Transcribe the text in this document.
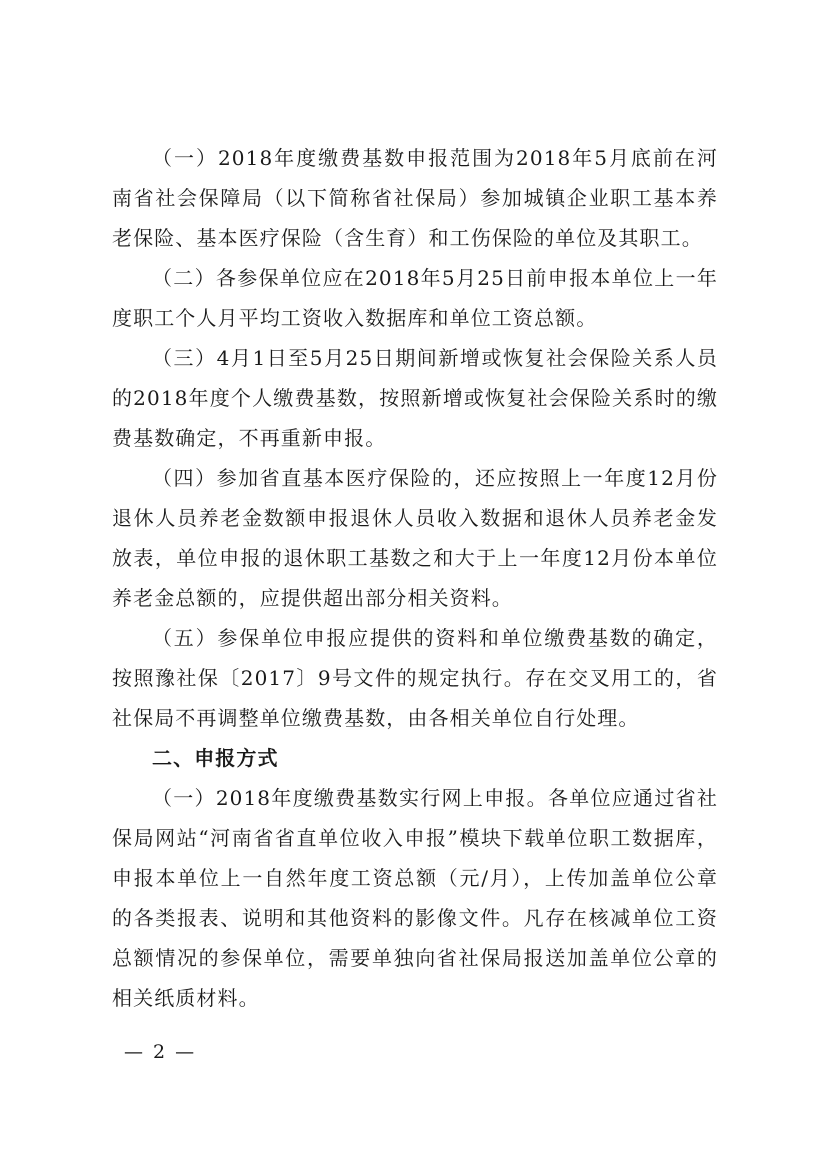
（一）2018年度缴费基数申报范围为2018年5月底前在河南省社会保障局（以下简称省社保局）参加城镇企业职工基本养老保险、基本医疗保险（含生育）和工伤保险的单位及其职工。

（二）各参保单位应在2018年5月25日前申报本单位上一年度职工个人月平均工资收入数据库和单位工资总额。

（三）4月1日至5月25日期间新增或恢复社会保险关系人员的2018年度个人缴费基数，按照新增或恢复社会保险关系时的缴费基数确定，不再重新申报。

（四）参加省直基本医疗保险的，还应按照上一年度12月份退休人员养老金数额申报退休人员收入数据和退休人员养老金发放表，单位申报的退休职工基数之和大于上一年度12月份本单位养老金总额的，应提供超出部分相关资料。

（五）参保单位申报应提供的资料和单位缴费基数的确定，按照豫社保〔2017〕9号文件的规定执行。存在交叉用工的，省社保局不再调整单位缴费基数，由各相关单位自行处理。

二、申报方式

（一）2018年度缴费基数实行网上申报。各单位应通过省社保局网站“河南省省直单位收入申报”模块下载单位职工数据库，申报本单位上一自然年度工资总额（元/月），上传加盖单位公章的各类报表、说明和其他资料的影像文件。凡存在核减单位工资总额情况的参保单位，需要单独向省社保局报送加盖单位公章的相关纸质材料。

— 2 —
